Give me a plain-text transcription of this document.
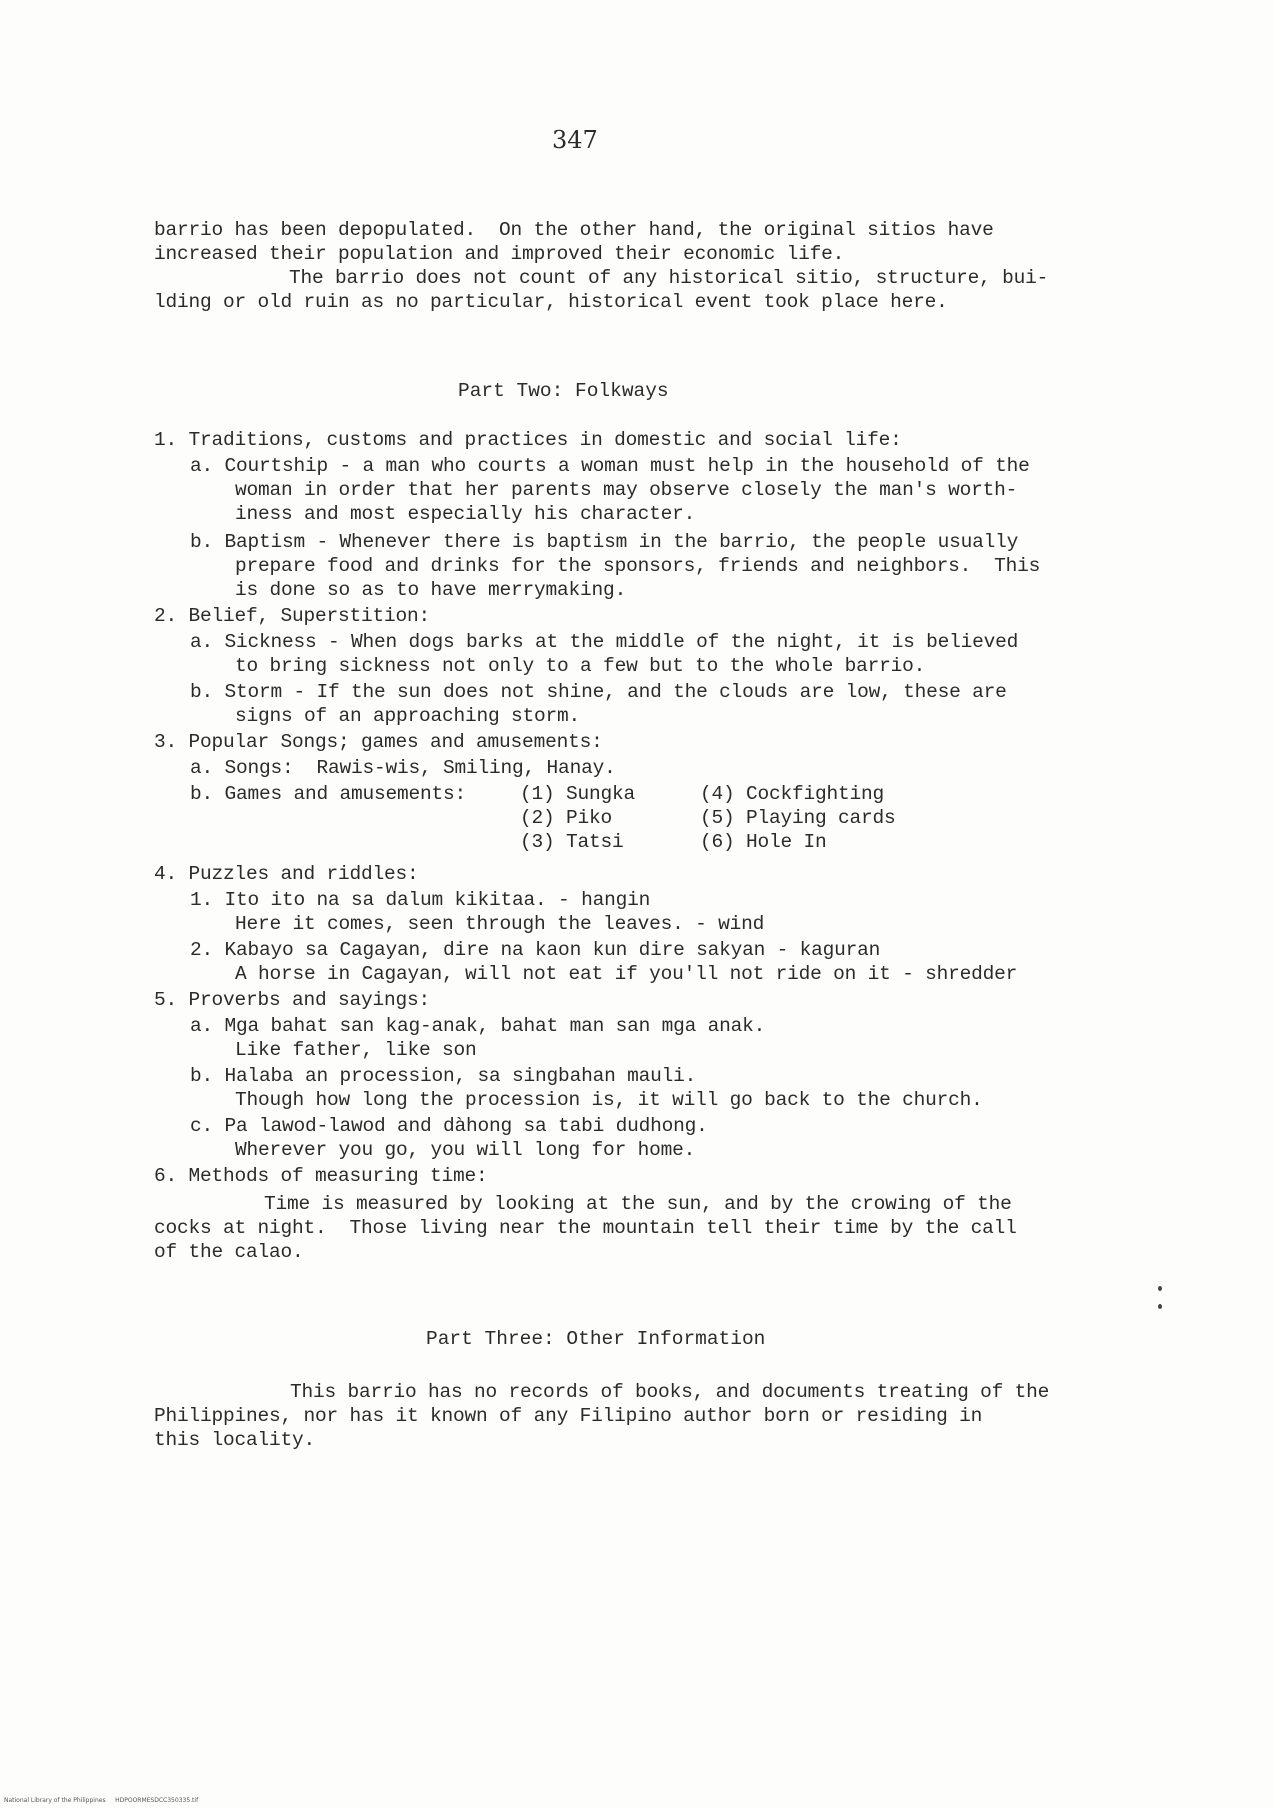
347
barrio has been depopulated.  On the other hand, the original sitios have
increased their population and improved their economic life.
The barrio does not count of any historical sitio, structure, bui-
lding or old ruin as no particular, historical event took place here.
Part Two: Folkways
1. Traditions, customs and practices in domestic and social life:
a. Courtship - a man who courts a woman must help in the household of the
woman in order that her parents may observe closely the man's worth-
iness and most especially his character.
b. Baptism - Whenever there is baptism in the barrio, the people usually
prepare food and drinks for the sponsors, friends and neighbors.  This
is done so as to have merrymaking.
2. Belief, Superstition:
a. Sickness - When dogs barks at the middle of the night, it is believed
to bring sickness not only to a few but to the whole barrio.
b. Storm - If the sun does not shine, and the clouds are low, these are
signs of an approaching storm.
3. Popular Songs; games and amusements:
a. Songs:  Rawis-wis, Smiling, Hanay.
b. Games and amusements:	(1) Sungka
(2) Piko
(3) Tatsi
(4) Cockfighting
(5) Playing cards
(6) Hole In
4. Puzzles and riddles:
1. Ito ito na sa dalum kikitaa. - hangin
Here it comes, seen through the leaves. - wind
2. Kabayo sa Cagayan, dire na kaon kun dire sakyan - kaguran
A horse in Cagayan, will not eat if you'll not ride on it - shredder
5. Proverbs and sayings:
a. Mga bahat san kag-anak, bahat man san mga anak.
Like father, like son
b. Halaba an procession, sa singbahan mauli.
Though how long the procession is, it will go back to the church.
c. Pa lawod-lawod and dàhong sa tabi dudhong.
Wherever you go, you will long for home.
6. Methods of measuring time:
Time is measured by looking at the sun, and by the crowing of the
cocks at night.  Those living near the mountain tell their time by the call
of the calao.
Part Three: Other Information
This barrio has no records of books, and documents treating of the
Philippines, nor has it known of any Filipino author born or residing in
this locality.
National Library of the Philippines     HDPOORMESDCC350335.tif
